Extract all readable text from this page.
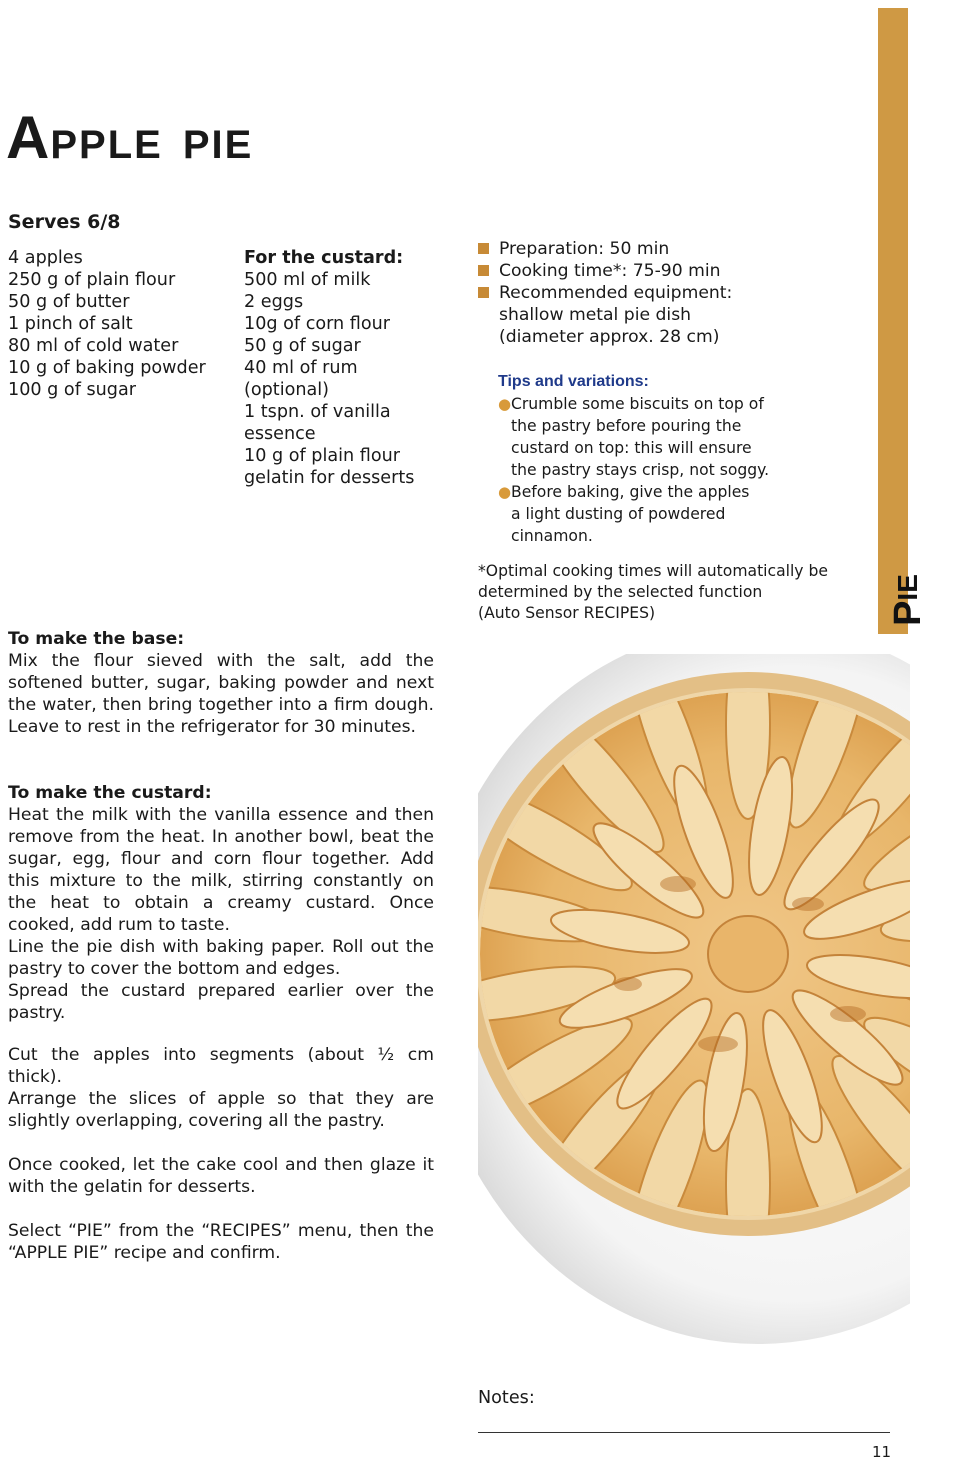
APPLE PIE
Serves 6/8
4 apples
250 g of plain flour
50 g of butter
1 pinch of salt
80 ml of cold water
10 g of baking powder
100 g of sugar
For the custard:
500 ml of milk
2 eggs
10g of corn flour
50 g of sugar
40 ml of rum
(optional)
1 tspn. of vanilla
essence
10 g of plain flour
gelatin for desserts
Preparation: 50 min
Cooking time*: 75-90 min
Recommended equipment:
shallow metal pie dish
(diameter approx. 28 cm)
Tips and variations:
● Crumble some biscuits on top of
the pastry before pouring the
custard on top: this will ensure
the pastry stays crisp, not soggy.
● Before baking, give the apples
a light dusting of powdered
cinnamon.
*Optimal cooking times will automatically be
determined by the selected function
(Auto Sensor RECIPES)	P
IE
To make the base:
Mix the flour sieved with the salt, add the softened butter, sugar, baking powder and next the water, then bring together into a firm dough. Leave to rest in the refrigerator for 30 minutes.
To make the custard:
Heat the milk with the vanilla essence and then remove from the heat. In another bowl, beat the sugar, egg, flour and corn flour together. Add this mixture to the milk, stirring constantly on the heat to obtain a creamy custard. Once cooked, add rum to taste.
Line the pie dish with baking paper. Roll out the pastry to cover the bottom and edges.
Spread the custard prepared earlier over the pastry.
Cut the apples into segments (about ½ cm thick).
Arrange the slices of apple so that they are slightly overlapping, covering all the pastry.
Once cooked, let the cake cool and then glaze it with the gelatin for desserts.
Select “PIE” from the “RECIPES” menu, then the “APPLE PIE” recipe and confirm.
Notes:
11
